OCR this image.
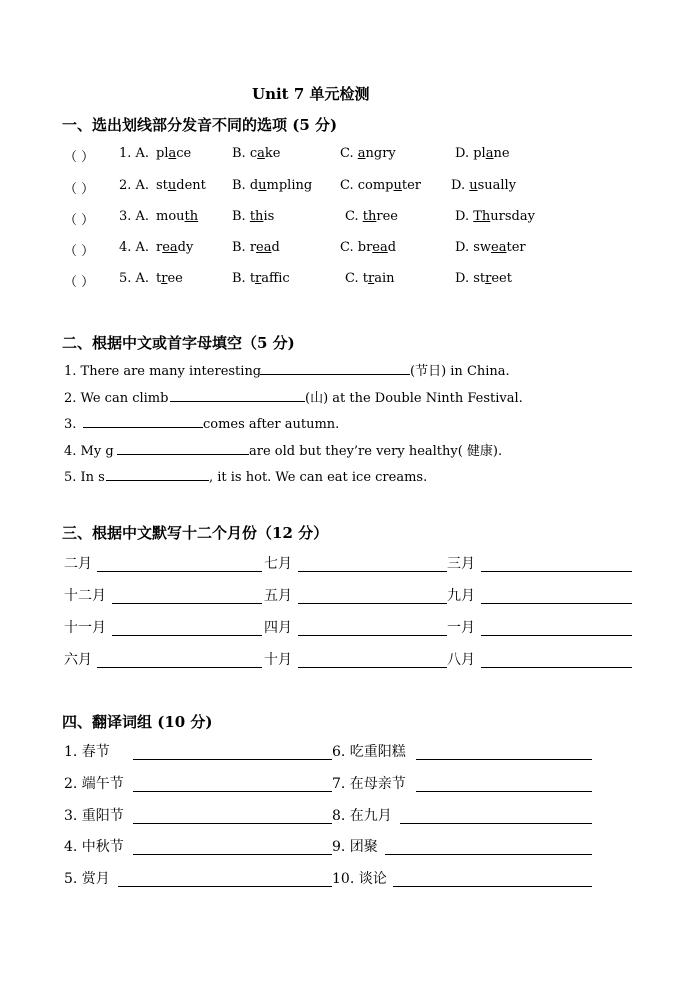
Unit 7 单元检测
一、选出划线部分发音不同的选项 (5 分)
（ ） 1. A. place	B. cake	C. angry	D. plane
（ ） 2. A. student B. dumpling C. computer D. usually
（ ） 3. A. mouth	B. this	C. three	D. Thursday
（ ） 4. A. ready	B. read	C. bread	D. sweater
（ ） 5. A. tree	B. traffic	C. train	D. street
二、根据中文或首字母填空（5 分)
1. There are many interesting	(节日) in China.
2. We can climb	(山) at the Double Ninth Festival.
3.	comes after autumn.
4. My g	are old but they’re very healthy( 健康).
5. In s	, it is hot. We can eat ice creams.
三、根据中文默写十二个月份（12 分）
二月	七月	三月
十二月	五月	九月
十一月	四月	一月
六月	十月	八月
四、翻译词组 (10 分)
1. 春节	6. 吃重阳糕
2. 端午节	7. 在母亲节
3. 重阳节	8. 在九月
4. 中秋节	9. 团聚
5. 赏月	10. 谈论
